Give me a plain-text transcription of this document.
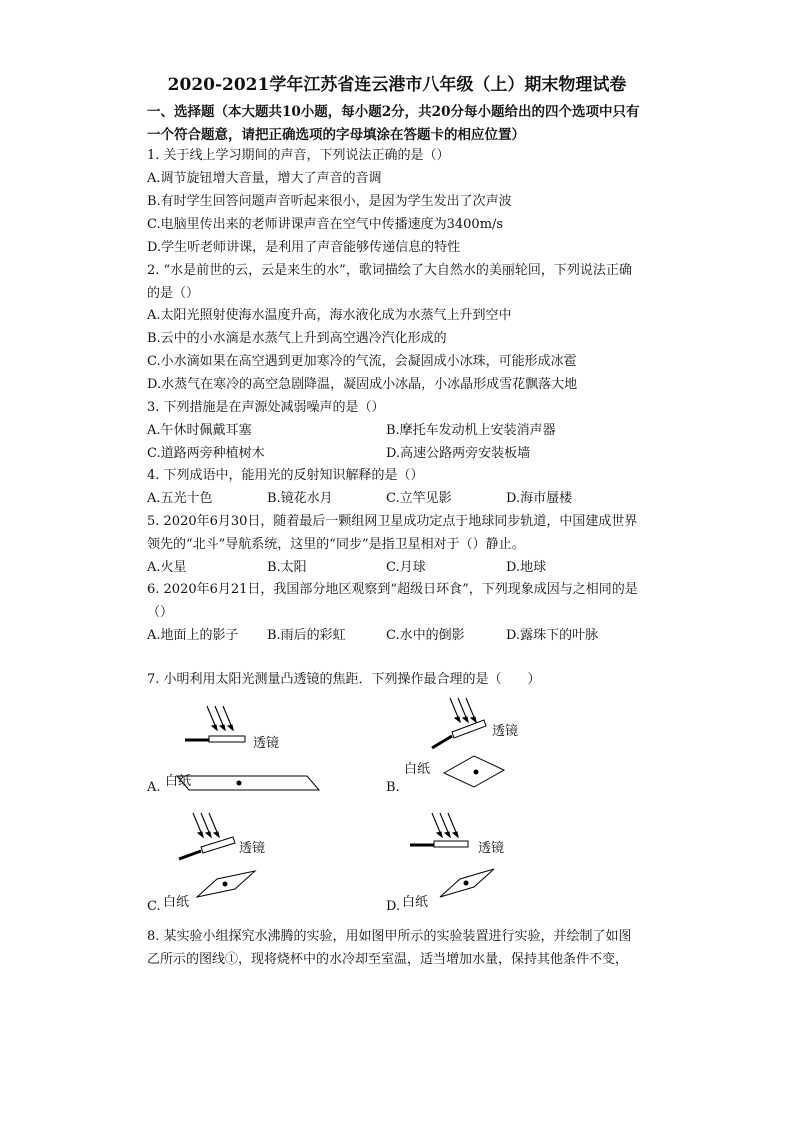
2020-2021学年江苏省连云港市八年级（上）期末物理试卷
一、选择题（本大题共10小题，每小题2分，共20分每小题给出的四个选项中只有
一个符合题意，请把正确选项的字母填涂在答题卡的相应位置）
1. 关于线上学习期间的声音，下列说法正确的是（）
A.调节旋钮增大音量，增大了声音的音调
B.有时学生回答问题声音听起来很小，是因为学生发出了次声波
C.电脑里传出来的老师讲课声音在空气中传播速度为3400m/s
D.学生听老师讲课，是利用了声音能够传递信息的特性
2. “水是前世的云，云是来生的水”，歌词描绘了大自然水的美丽轮回，下列说法正确
的是（）
A.太阳光照射使海水温度升高，海水液化成为水蒸气上升到空中
B.云中的小水滴是水蒸气上升到高空遇冷汽化形成的
C.小水滴如果在高空遇到更加寒冷的气流，会凝固成小冰珠，可能形成冰雹
D.水蒸气在寒冷的高空急剧降温，凝固成小冰晶，小冰晶形成雪花飘落大地
3. 下列措施是在声源处减弱噪声的是（）
A.午休时佩戴耳塞	B.摩托车发动机上安装消声器
C.道路两旁种植树木	D.高速公路两旁安装板墙
4. 下列成语中，能用光的反射知识解释的是（）
A.五光十色	B.镜花水月	C.立竿见影	D.海市蜃楼
5. 2020年6月30日，随着最后一颗组网卫星成功定点于地球同步轨道，中国建成世界
领先的“北斗”导航系统，这里的“同步”是指卫星相对于（）静止。
A.火星	B.太阳	C.月球	D.地球
6. 2020年6月21日，我国部分地区观察到“超级日环食”，下列现象成因与之相同的是
（）
A.地面上的影子 B.雨后的彩虹	C.水中的倒影	D.露珠下的叶脉
7. 小明利用太阳光测量凸透镜的焦距．下列操作最合理的是（　　）
透镜
白纸
A.
透镜
白纸
B.
透镜
白纸
C.
透镜
白纸
D.
8. 某实验小组探究水沸腾的实验，用如图甲所示的实验装置进行实验，并绘制了如图
乙所示的图线①，现将烧杯中的水冷却至室温，适当增加水量，保持其他条件不变，
